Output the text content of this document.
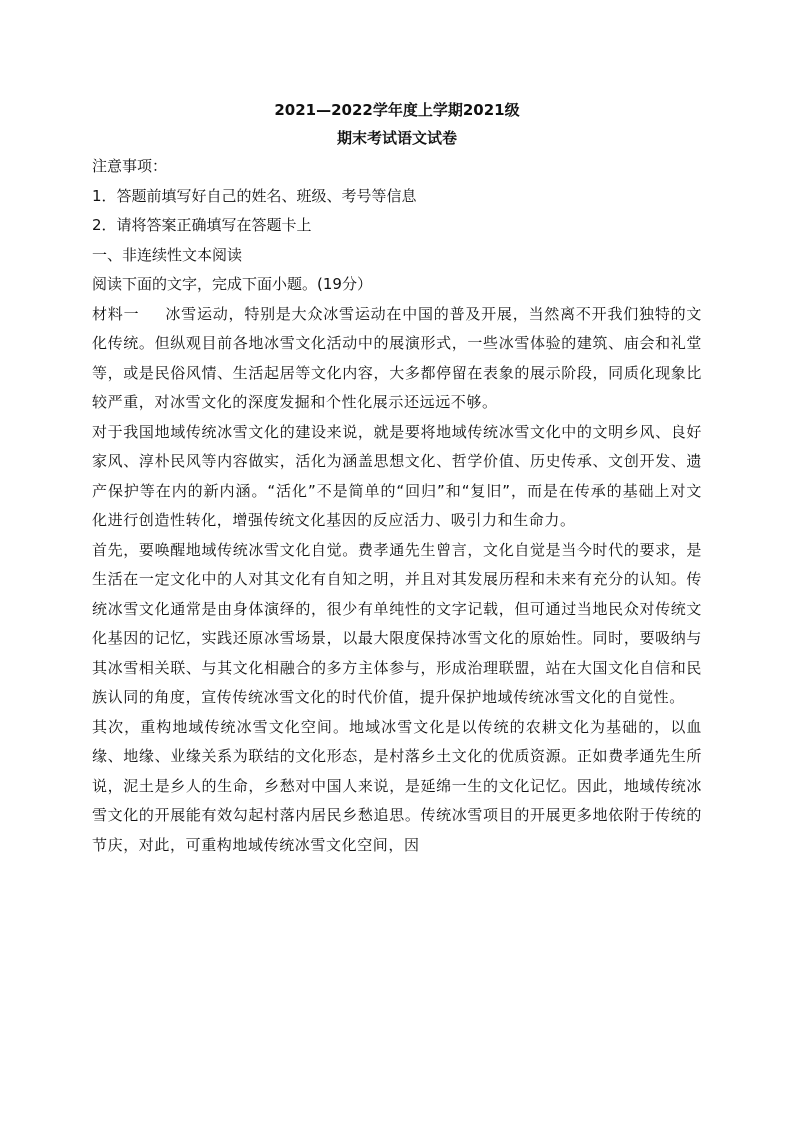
2021—2022学年度上学期2021级

期末考试语文试卷

注意事项：

1．答题前填写好自己的姓名、班级、考号等信息

2．请将答案正确填写在答题卡上

一、非连续性文本阅读

阅读下面的文字，完成下面小题。(19分）

材料一 冰雪运动，特别是大众冰雪运动在中国的普及开展，当然离不开我们独特的文化传统。但纵观目前各地冰雪文化活动中的展演形式，一些冰雪体验的建筑、庙会和礼堂等，或是民俗风情、生活起居等文化内容，大多都停留在表象的展示阶段，同质化现象比较严重，对冰雪文化的深度发掘和个性化展示还远远不够。

对于我国地域传统冰雪文化的建设来说，就是要将地域传统冰雪文化中的文明乡风、良好家风、淳朴民风等内容做实，活化为涵盖思想文化、哲学价值、历史传承、文创开发、遗产保护等在内的新内涵。“活化”不是简单的“回归”和“复旧”，而是在传承的基础上对文化进行创造性转化，增强传统文化基因的反应活力、吸引力和生命力。

首先，要唤醒地域传统冰雪文化自觉。费孝通先生曾言，文化自觉是当今时代的要求，是生活在一定文化中的人对其文化有自知之明，并且对其发展历程和未来有充分的认知。传统冰雪文化通常是由身体演绎的，很少有单纯性的文字记载，但可通过当地民众对传统文化基因的记忆，实践还原冰雪场景，以最大限度保持冰雪文化的原始性。同时，要吸纳与其冰雪相关联、与其文化相融合的多方主体参与，形成治理联盟，站在大国文化自信和民族认同的角度，宣传传统冰雪文化的时代价值，提升保护地域传统冰雪文化的自觉性。

其次，重构地域传统冰雪文化空间。地域冰雪文化是以传统的农耕文化为基础的，以血缘、地缘、业缘关系为联结的文化形态，是村落乡土文化的优质资源。正如费孝通先生所说，泥土是乡人的生命，乡愁对中国人来说，是延绵一生的文化记忆。因此，地域传统冰雪文化的开展能有效勾起村落内居民乡愁追思。传统冰雪项目的开展更多地依附于传统的节庆，对此，可重构地域传统冰雪文化空间，因
